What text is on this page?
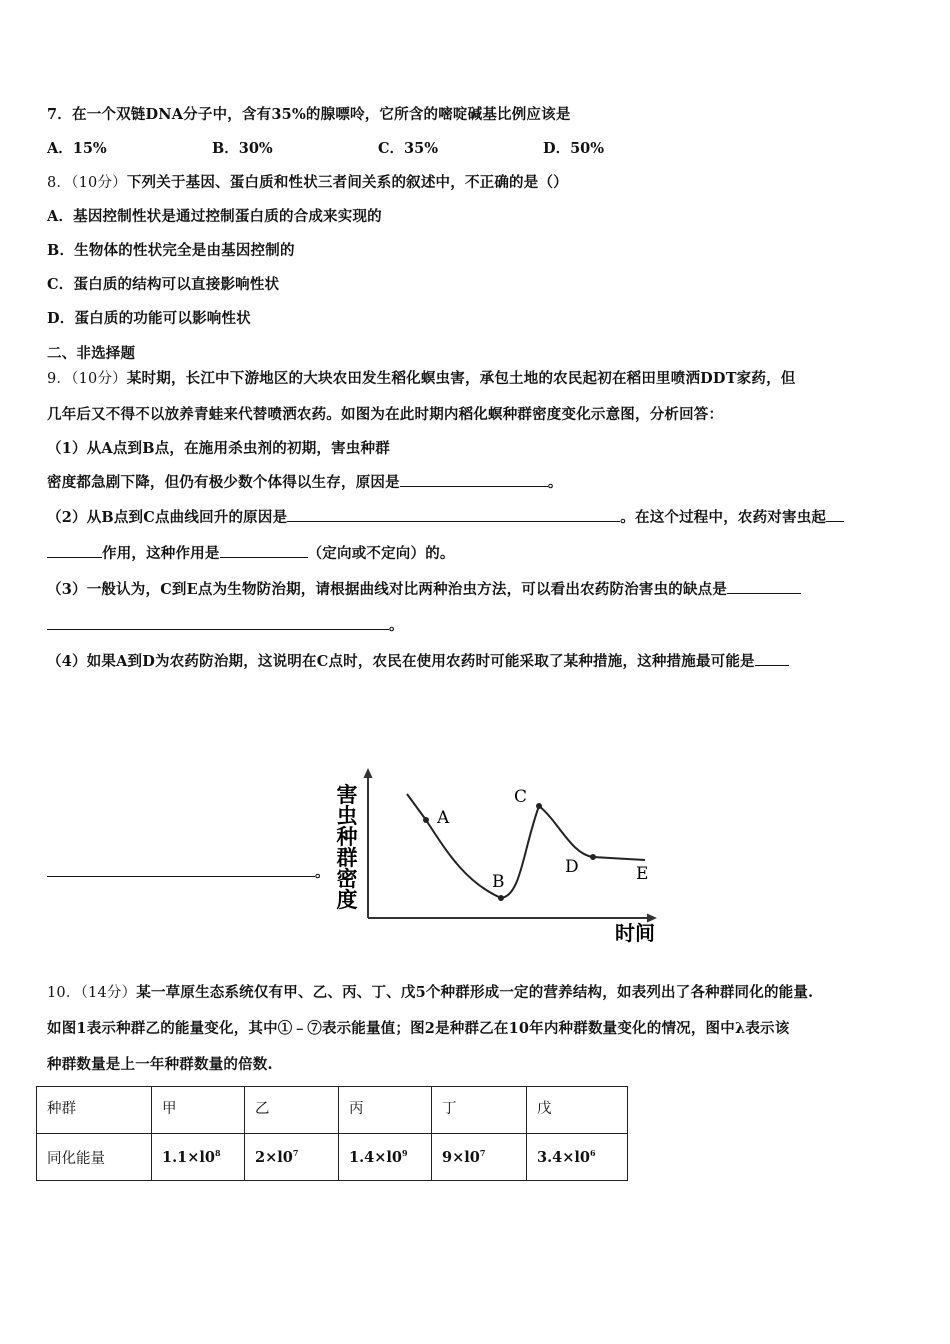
7．在一个双链DNA分子中，含有35%的腺嘌呤，它所含的嘧啶碱基比例应该是
A．15%	B．30%	C．35%	D．50%
8．（10分）下列关于基因、蛋白质和性状三者间关系的叙述中，不正确的是（）
A．基因控制性状是通过控制蛋白质的合成来实现的
B．生物体的性状完全是由基因控制的
C．蛋白质的结构可以直接影响性状
D．蛋白质的功能可以影响性状
二、非选择题
9．（10分）某时期，长江中下游地区的大块农田发生稻化螟虫害，承包土地的农民起初在稻田里喷洒DDT家药，但
几年后又不得不以放养青蛙来代替喷洒农药。如图为在此时期内稻化螟种群密度变化示意图，分析回答：
（1）从A点到B点，在施用杀虫剂的初期，害虫种群
密度都急剧下降，但仍有极少数个体得以生存，原因是	。
（2）从B点到C点曲线回升的原因是	。在这个过程中，农药对害虫起
作用，这种作用是	（定向或不定向）的。
（3）一般认为，C到E点为生物防治期，请根据曲线对比两种治虫方法，可以看出农药防治害虫的缺点是
。
（4）如果A到D为农药防治期，这说明在C点时，农民在使用农药时可能采取了某种措施，这种措施最可能是
。
害
虫
种
群
密
度
A
B
C
D	E
时间
10．（14分）某一草原生态系统仅有甲、乙、丙、丁、戊5个种群形成一定的营养结构，如表列出了各种群同化的能量.
如图1表示种群乙的能量变化，其中①﹣⑦表示能量值；图2是种群乙在10年内种群数量变化的情况，图中λ表示该
种群数量是上一年种群数量的倍数.
种群	甲	乙	丙	丁	戊
同化能量	$1.1\times l0^8$	$2\times l0^7$	$1.4\times l0^9$	$9\times l0^7$	$3.4\times l0^6$
